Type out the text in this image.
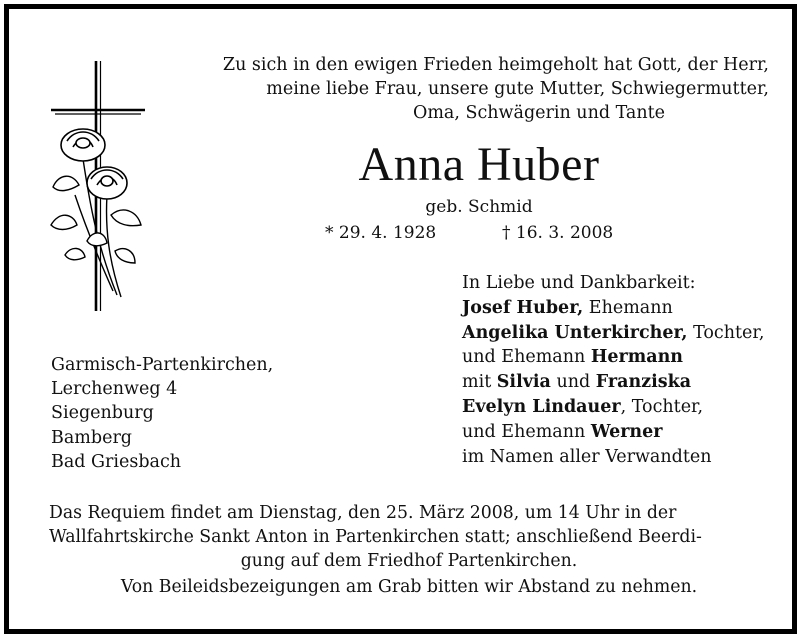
Zu sich in den ewigen Frieden heimgeholt hat Gott, der Herr,
meine liebe Frau, unsere gute Mutter, Schwiegermutter,
Oma, Schwägerin und Tante
Anna Huber
geb. Schmid
* 29. 4. 1928	† 16. 3. 2008
In Liebe und Dankbarkeit:
Josef Huber, Ehemann
Angelika Unterkircher, Tochter,
und Ehemann Hermann
mit Silvia und Franziska
Evelyn Lindauer, Tochter,
und Ehemann Werner
im Namen aller Verwandten
Garmisch-Partenkirchen,
Lerchenweg 4
Siegenburg
Bamberg
Bad Griesbach
Das Requiem findet am Dienstag, den 25. März 2008, um 14 Uhr in der
Wallfahrtskirche Sankt Anton in Partenkirchen statt; anschließend Beerdi-
gung auf dem Friedhof Partenkirchen.
Von Beileidsbezeigungen am Grab bitten wir Abstand zu nehmen.
